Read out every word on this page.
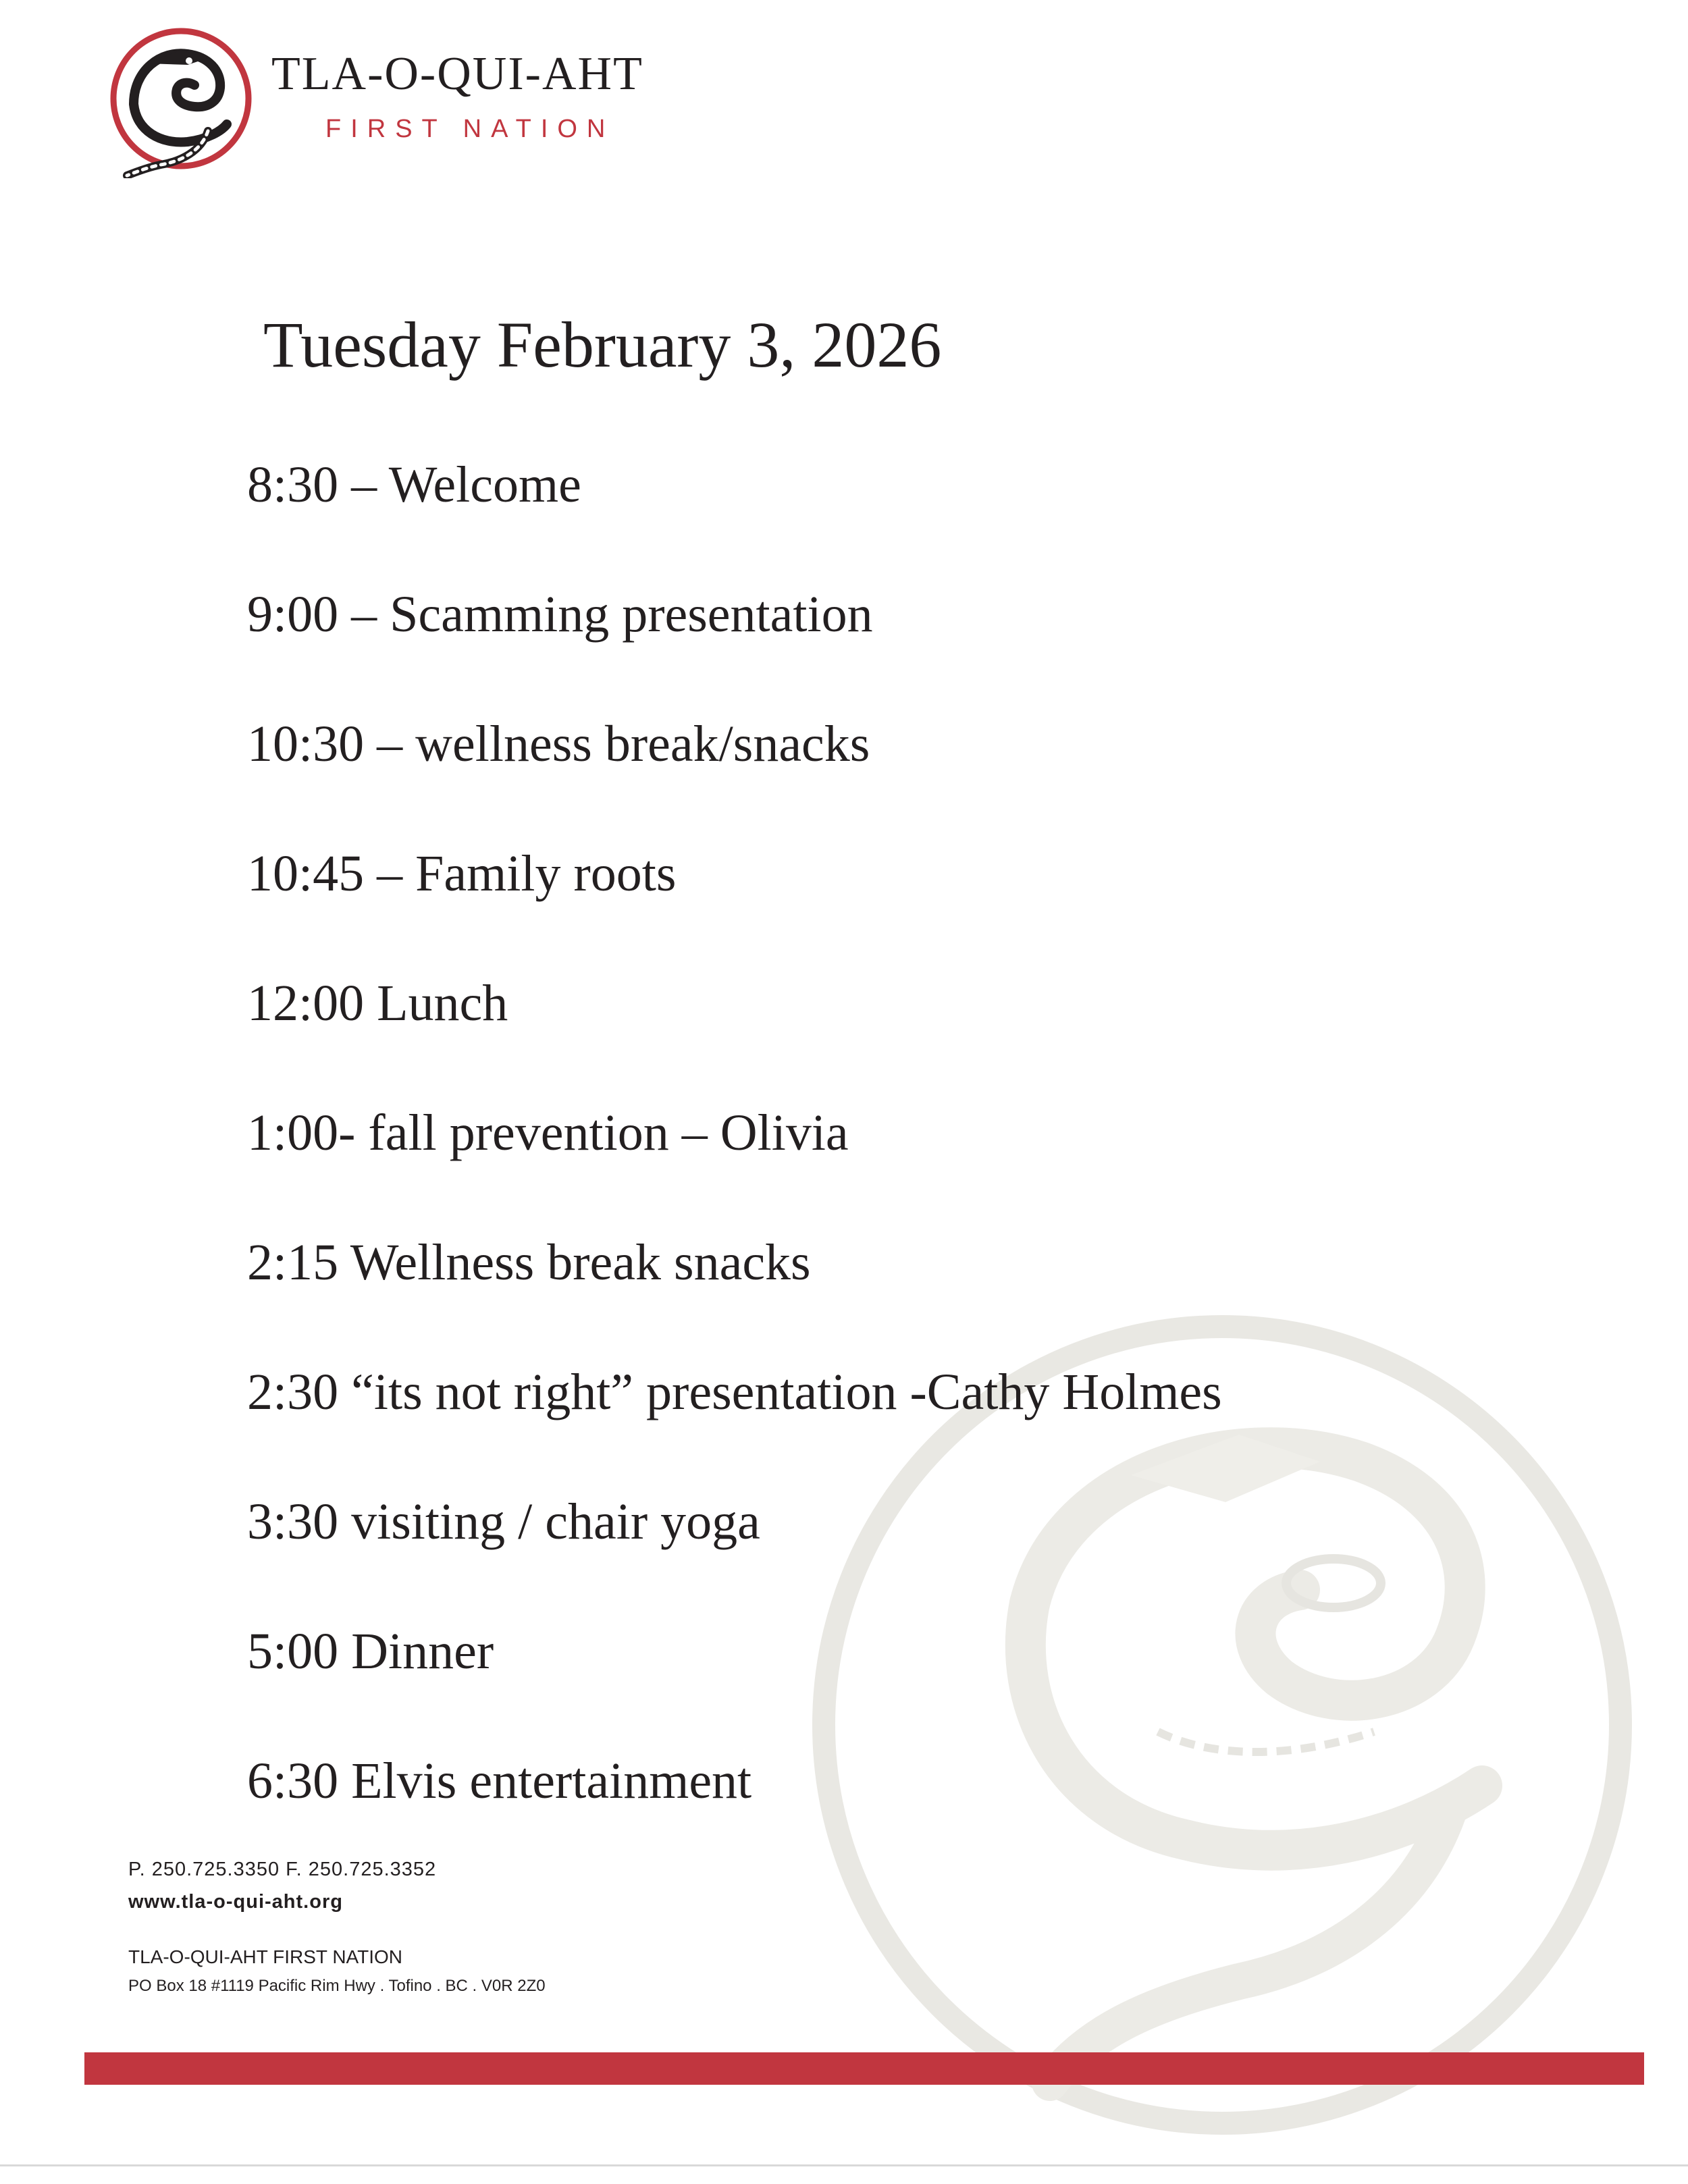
TLA-O-QUI-AHT
FIRST NATION
Tuesday February 3, 2026
8:30 – Welcome
9:00 – Scamming presentation
10:30 – wellness break/snacks
10:45 – Family roots
12:00 Lunch
1:00- fall prevention – Olivia
2:15 Wellness break snacks
2:30 “its not right” presentation -Cathy Holmes
3:30 visiting / chair yoga
5:00 Dinner
6:30 Elvis entertainment
P. 250.725.3350 F. 250.725.3352
www.tla-o-qui-aht.org
TLA-O-QUI-AHT FIRST NATION
PO Box 18 #1119 Pacific Rim Hwy . Tofino . BC . V0R 2Z0
